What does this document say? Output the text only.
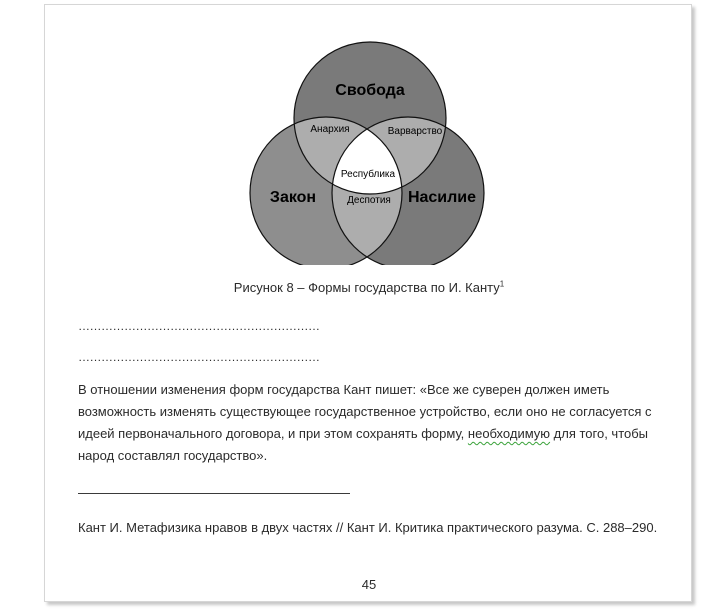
Свобода
Закон	Насилие
Анархия	Варварство
Республика
Деспотия
Рисунок 8 – Формы государства по И. Канту$^1$
………………………………………………………
………………………………………………………
В отношении изменения форм государства Кант пишет: «Все же суверен должен иметь возможность изменять существующее государственное устройство, если оно не согласуется с идеей первоначального договора, и при этом сохранять форму, необходимую для того, чтобы народ составлял государство».
Кант И. Метафизика нравов в двух частях // Кант И. Критика практического разума. С. 288–290.
45
